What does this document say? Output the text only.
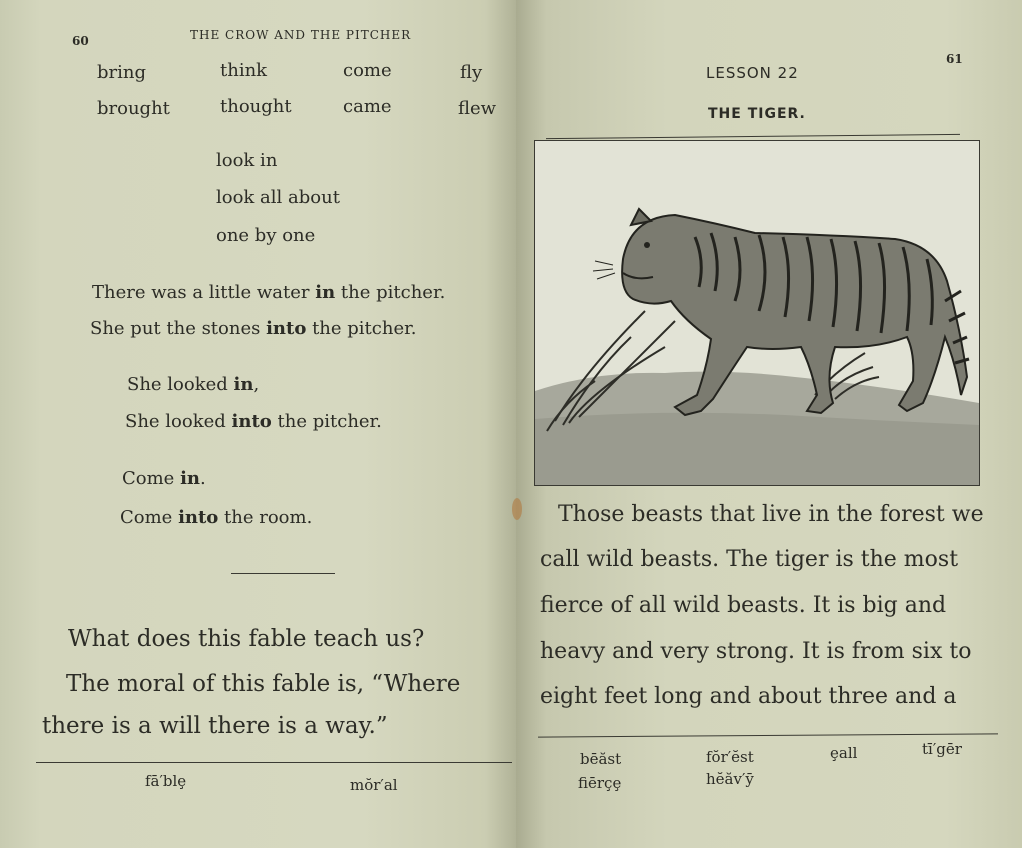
60	THE CROW AND THE PITCHER
bring	think	come	fly
brought	thought	came	flew
look in
look all about
one by one
There was a little water in the pitcher.
She put the stones into the pitcher.
She looked in,
She looked into the pitcher.
Come in.
Come into the room.
What does this fable teach us?
The moral of this fable is, “Where
there is a will there is a way.”
fā′blȩ	mŏr′al
61
LESSON 22
THE TIGER.
Those beasts that live in the forest we
call wild beasts. The tiger is the most
fierce of all wild beasts. It is big and
heavy and very strong. It is from six to
eight feet long and about three and a
bēăst	fŏr′ĕst	ȩall	tī′gēr
fiērçȩ	hĕăv′ȳ
